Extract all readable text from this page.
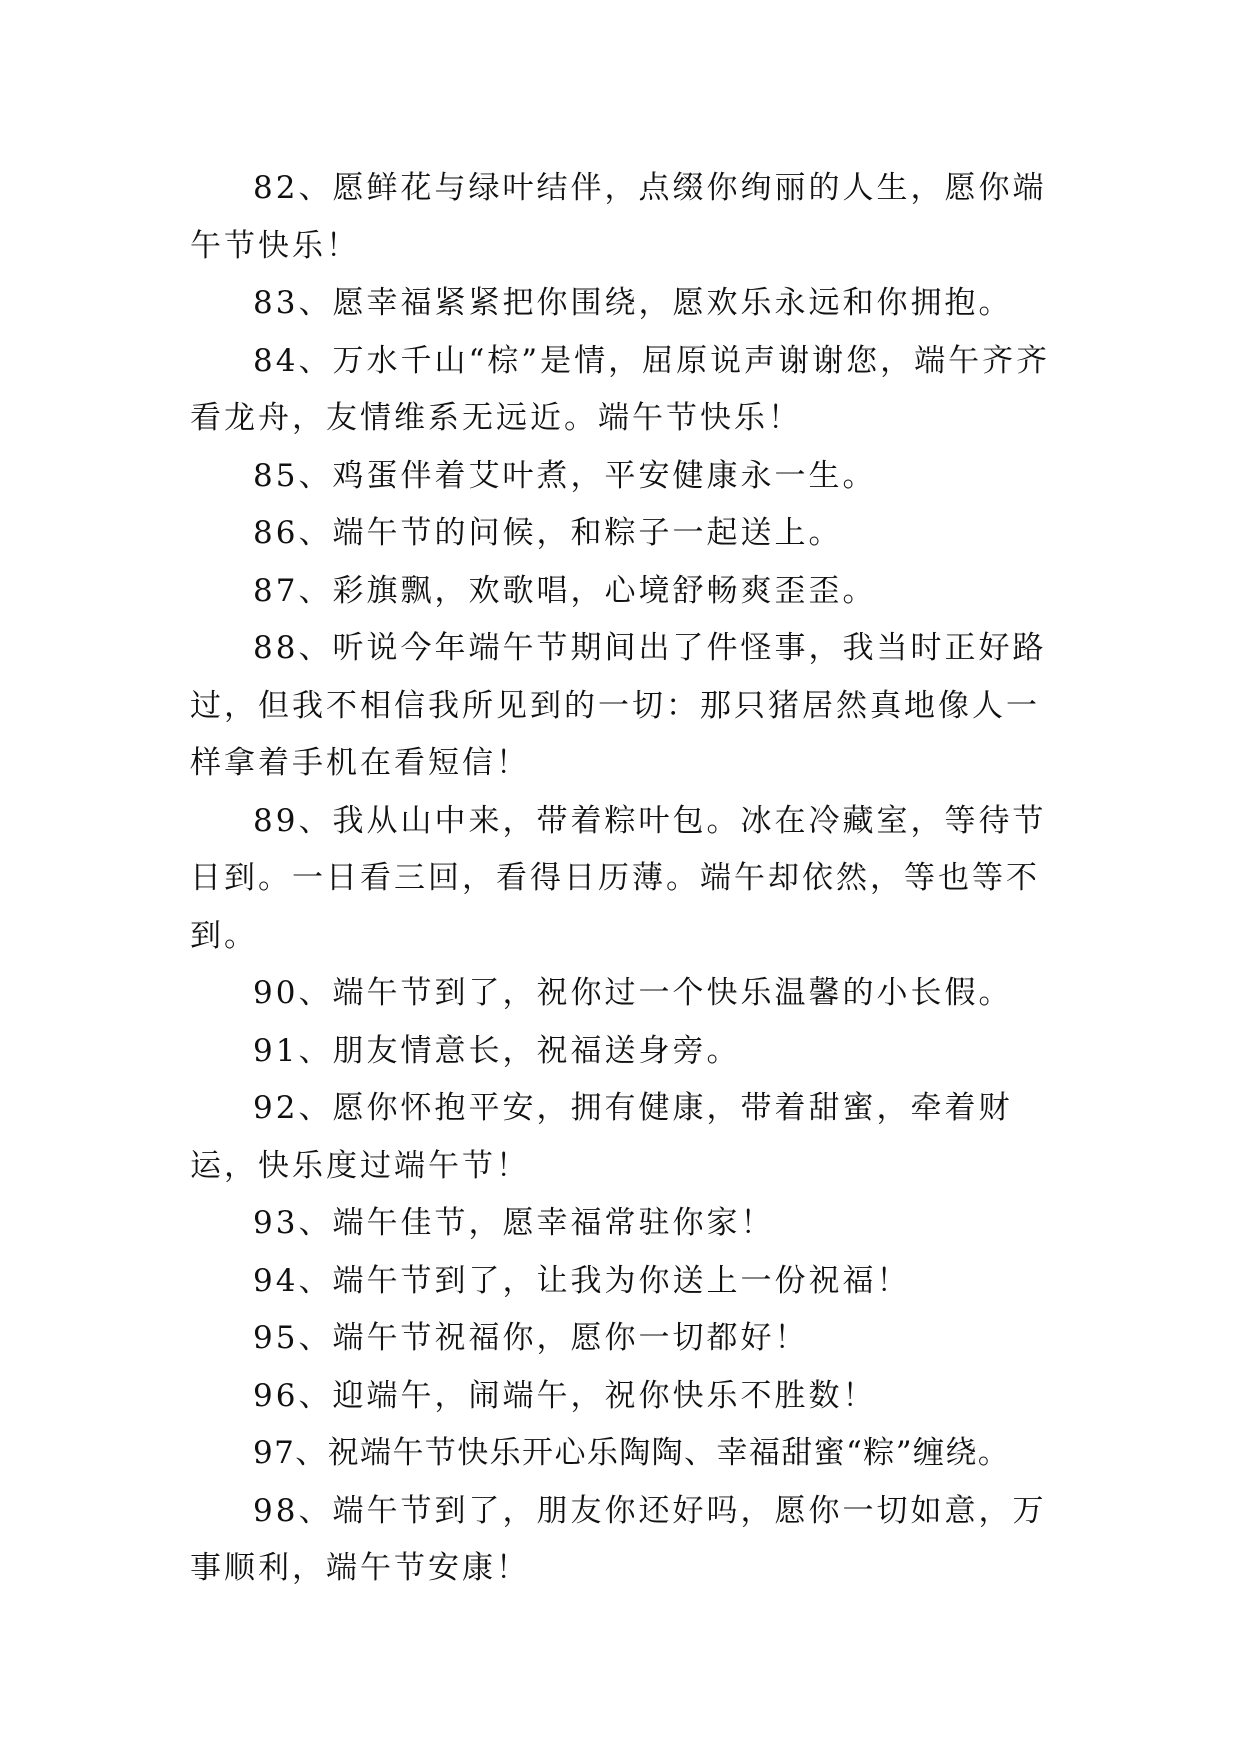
82、愿鲜花与绿叶结伴，点缀你绚丽的人生，愿你端午节快乐！

83、愿幸福紧紧把你围绕，愿欢乐永远和你拥抱。

84、万水千山“棕”是情，屈原说声谢谢您，端午齐齐看龙舟，友情维系无远近。端午节快乐！

85、鸡蛋伴着艾叶煮，平安健康永一生。

86、端午节的问候，和粽子一起送上。

87、彩旗飘，欢歌唱，心境舒畅爽歪歪。

88、听说今年端午节期间出了件怪事，我当时正好路过，但我不相信我所见到的一切：那只猪居然真地像人一样拿着手机在看短信！

89、我从山中来，带着粽叶包。冰在冷藏室，等待节日到。一日看三回，看得日历薄。端午却依然，等也等不到。

90、端午节到了，祝你过一个快乐温馨的小长假。

91、朋友情意长，祝福送身旁。

92、愿你怀抱平安，拥有健康，带着甜蜜，牵着财运，快乐度过端午节！

93、端午佳节，愿幸福常驻你家！

94、端午节到了，让我为你送上一份祝福！

95、端午节祝福你，愿你一切都好！

96、迎端午，闹端午，祝你快乐不胜数！

97、祝端午节快乐开心乐陶陶、幸福甜蜜“粽”缠绕。

98、端午节到了，朋友你还好吗，愿你一切如意，万事顺利，端午节安康！
